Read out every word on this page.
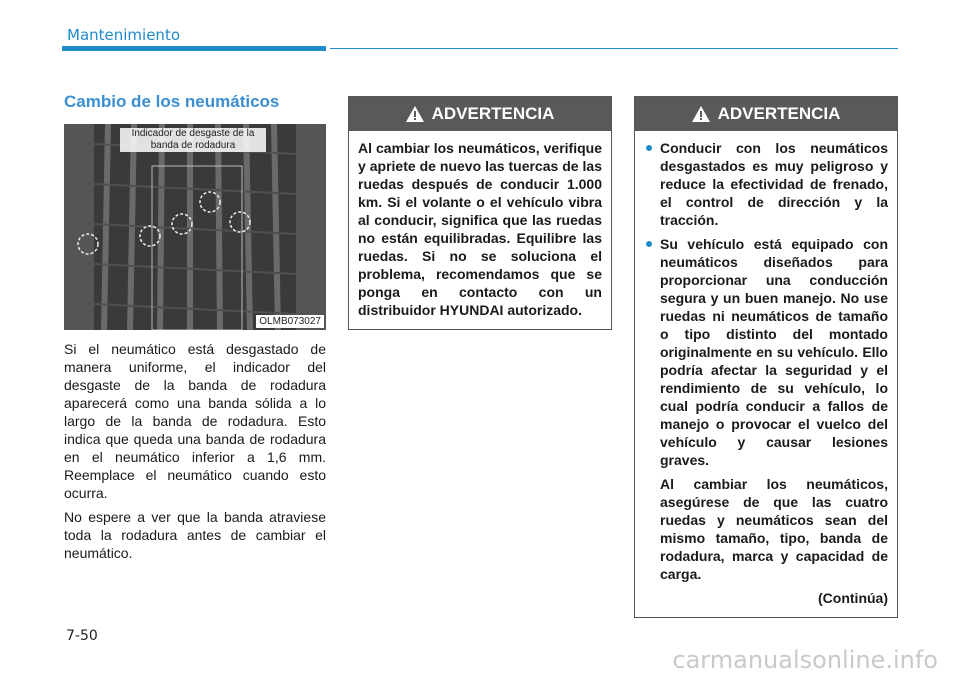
Mantenimiento
Cambio de los neumáticos
Indicador de desgaste de la banda de rodadura
OLMB073027

Si el neumático está desgastado de manera uniforme, el indicador del desgaste de la banda de rodadura aparecerá como una banda sólida a lo largo de la banda de rodadura. Esto indica que queda una banda de rodadura en el neumático inferior a 1,6 mm. Reemplace el neumático cuando esto ocurra.

No espere a ver que la banda atraviese toda la rodadura antes de cambiar el neumático.

ADVERTENCIA
Al cambiar los neumáticos, verifique y apriete de nuevo las tuercas de las ruedas después de conducir 1.000 km. Si el volante o el vehículo vibra al conducir, significa que las ruedas no están equilibradas. Equilibre las ruedas. Si no se soluciona el problema, recomendamos que se ponga en contacto con un distribuidor HYUNDAI autorizado.
ADVERTENCIA
Conducir con los neumáticos desgastados es muy peligroso y reduce la efectividad de frenado, el control de dirección y la tracción.
Su vehículo está equipado con neumáticos diseñados para proporcionar una conducción segura y un buen manejo. No use ruedas ni neumáticos de tamaño o tipo distinto del montado originalmente en su vehículo. Ello podría afectar la seguridad y el rendimiento de su vehículo, lo cual podría conducir a fallos de manejo o provocar el vuelco del vehículo y causar lesiones graves.
Al cambiar los neumáticos, asegúrese de que las cuatro ruedas y neumáticos sean del mismo tamaño, tipo, banda de rodadura, marca y capacidad de carga.
(Continúa)
7-50
carmanualsonline.info
